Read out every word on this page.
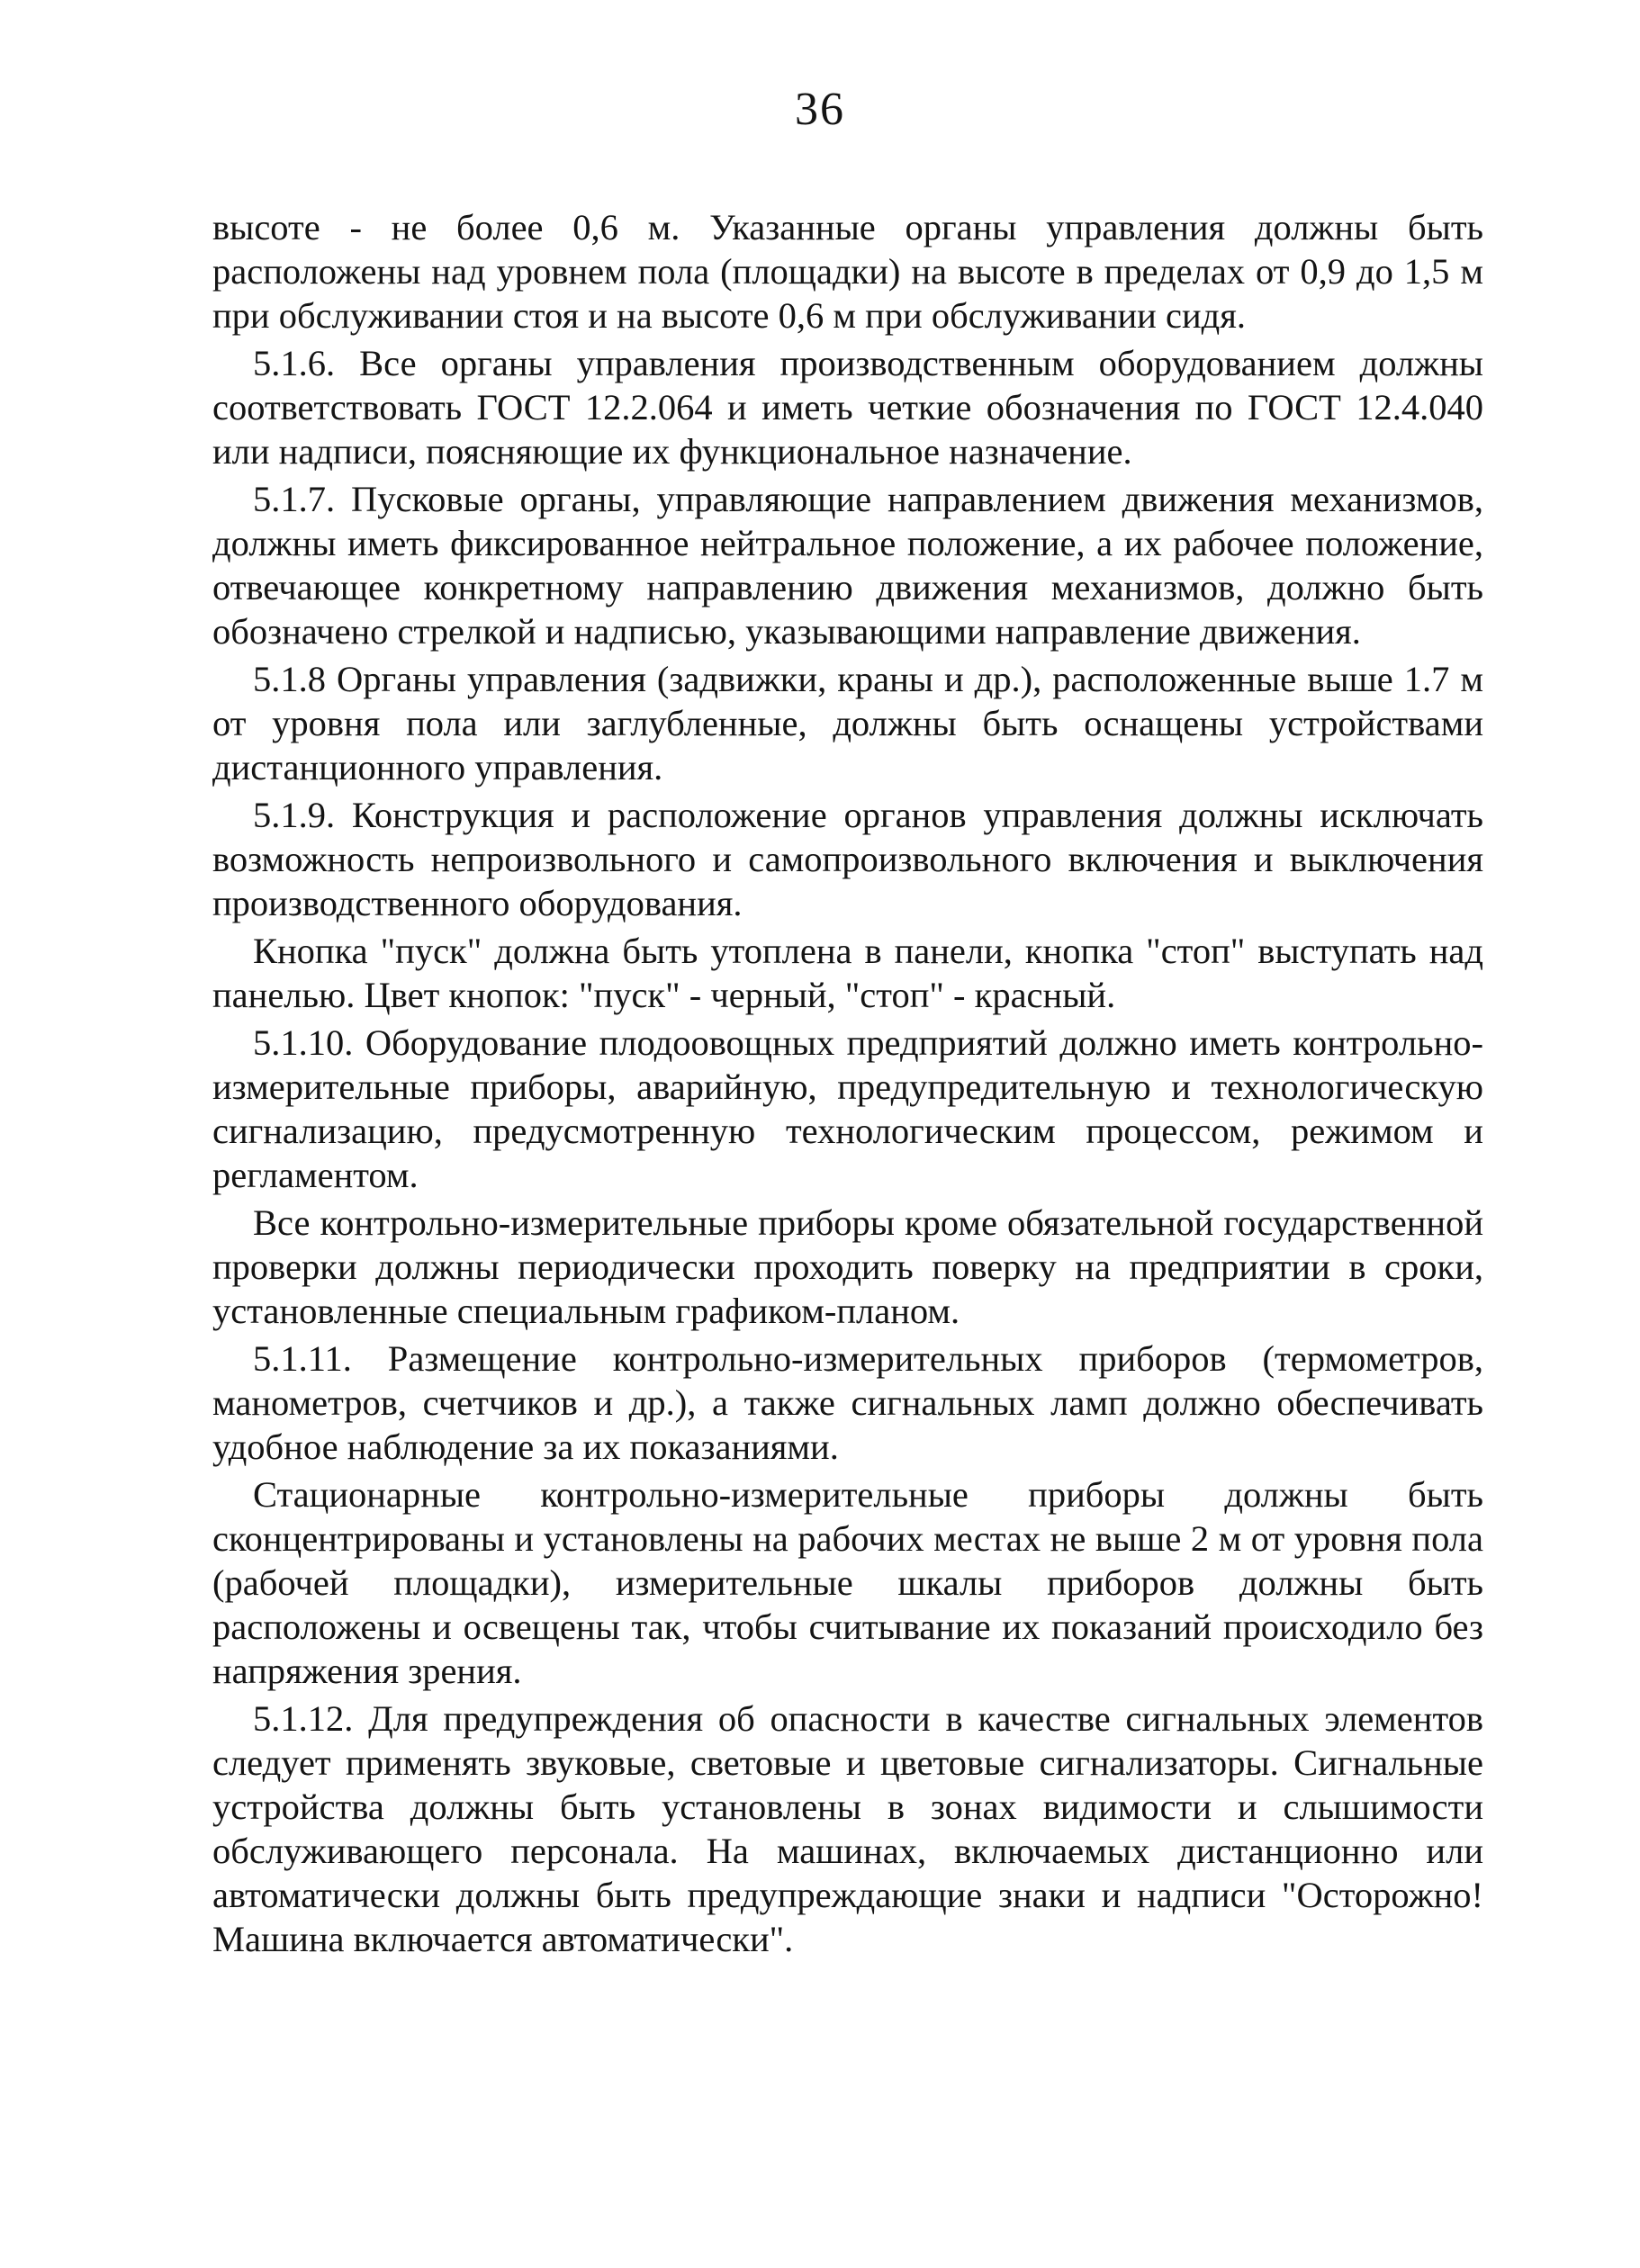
36

высоте - не более 0,6 м. Указанные органы управления должны быть расположены над уровнем пола (площадки) на высоте в пределах от 0,9 до 1,5 м при обслуживании стоя и на высоте 0,6 м при обслуживании сидя.

5.1.6. Все органы управления производственным оборудованием должны соответствовать ГОСТ 12.2.064 и иметь четкие обозначения по ГОСТ 12.4.040 или надписи, поясняющие их функциональное назначение.

5.1.7. Пусковые органы, управляющие направлением движения механизмов, должны иметь фиксированное нейтральное положение, а их рабочее положение, отвечающее конкретному направлению движения механизмов, должно быть обозначено стрелкой и надписью, указывающими направление движения.

5.1.8 Органы управления (задвижки, краны и др.), расположенные выше 1.7 м от уровня пола или заглубленные, должны быть оснащены устройствами дистанционного управления.

5.1.9. Конструкция и расположение органов управления должны исключать возможность непроизвольного и самопроизвольного включения и выключения производственного оборудования.

Кнопка "пуск" должна быть утоплена в панели, кнопка "стоп" выступать над панелью. Цвет кнопок: "пуск" - черный, "стоп" - красный.

5.1.10. Оборудование плодоовощных предприятий должно иметь контрольно-измерительные приборы, аварийную, предупредительную и технологическую сигнализацию, предусмотренную технологическим процессом, режимом и регламентом.

Все контрольно-измерительные приборы кроме обязательной государственной проверки должны периодически проходить поверку на предприятии в сроки, установленные специальным графиком-планом.

5.1.11. Размещение контрольно-измерительных приборов (термометров, манометров, счетчиков и др.), а также сигнальных ламп должно обеспечивать удобное наблюдение за их показаниями.

Стационарные контрольно-измерительные приборы должны быть сконцентрированы и установлены на рабочих местах не выше 2 м от уровня пола (рабочей площадки), измерительные шкалы приборов должны быть расположены и освещены так, чтобы считывание их показаний происходило без напряжения зрения.

5.1.12. Для предупреждения об опасности в качестве сигнальных элементов следует применять звуковые, световые и цветовые сигнализаторы. Сигнальные устройства должны быть установлены в зонах видимости и слышимости обслуживающего персонала. На машинах, включаемых дистанционно или автоматически должны быть предупреждающие знаки и надписи "Осторожно! Машина включается автоматически".
